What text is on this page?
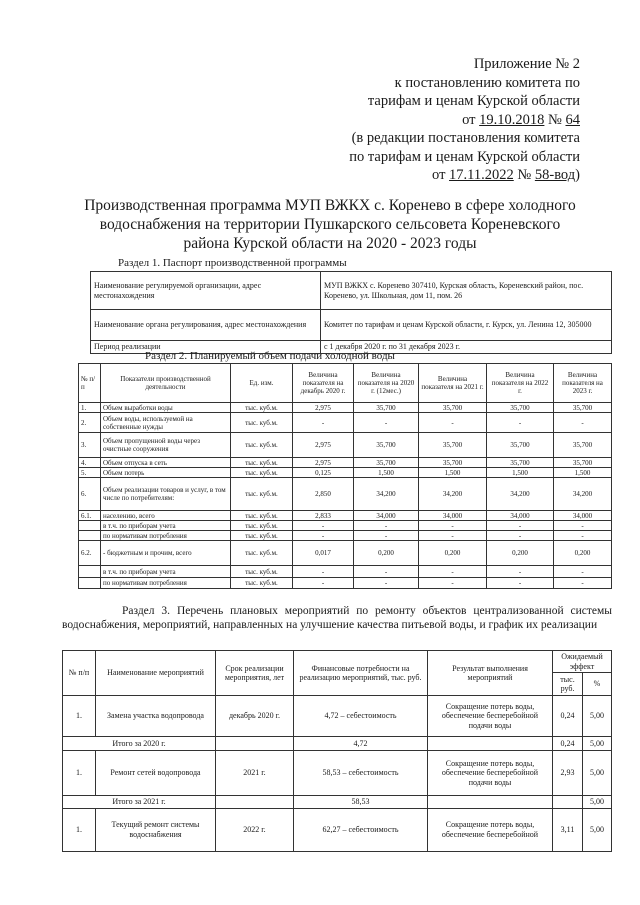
Приложение № 2
к постановлению комитета по
тарифам и ценам Курской области
от 19.10.2018 № 64
(в редакции постановления комитета
по тарифам и ценам Курской области
от 17.11.2022 № 58-вод)
Производственная программа МУП ВЖКХ с. Коренево в сфере холодного
водоснабжения на территории Пушкарского сельсовета Кореневского
района Курской области на 2020 - 2023 годы
Раздел 1. Паспорт производственной программы
Наименование регулируемой организации, адрес местонахождения	МУП ВЖКХ с. Коренево 307410, Курская область, Кореневский район, пос. Коренево, ул. Школьная, дом 11, пом. 26
Наименование органа регулирования, адрес местонахождения	Комитет по тарифам и ценам Курской области, г. Курск, ул. Ленина 12, 305000
Период реализации	с 1 декабря 2020 г. по 31 декабря 2023 г.
Раздел 2. Планируемый объем подачи холодной воды
№ п/п	Показатели производственной деятельности	Ед. изм.	Величина показателя на декабрь 2020 г.	Величина показателя на 2020 г. (12мес.)	Величина показателя на 2021 г.	Величина показателя на 2022 г.	Величина показателя на 2023 г.
1.	Объем выработки воды	тыс. куб.м.	2,975	35,700	35,700	35,700	35,700
2.	Объем воды, используемой на собственные нужды	тыс. куб.м.	-	-	-	-	-
3.	Объем пропущенной воды через очистные сооружения	тыс. куб.м.	2,975	35,700	35,700	35,700	35,700
4.	Объем отпуска в сеть	тыс. куб.м.	2,975	35,700	35,700	35,700	35,700
5.	Объем потерь	тыс. куб.м.	0,125	1,500	1,500	1,500	1,500
6.	Объем реализации товаров и услуг, в том числе по потребителям:	тыс. куб.м.	2,850	34,200	34,200	34,200	34,200
6.1.	населению, всего	тыс. куб.м.	2,833	34,000	34,000	34,000	34,000
	в т.ч. по приборам учета	тыс. куб.м.	-	-	-	-	-
	по нормативам потребления	тыс. куб.м.	-	-	-	-	-
6.2.	- бюджетным и прочим, всего	тыс. куб.м.	0,017	0,200	0,200	0,200	0,200
	в т.ч. по приборам учета	тыс. куб.м.	-	-	-	-	-
	по нормативам потребления	тыс. куб.м.	-	-	-	-	-
Раздел 3. Перечень плановых мероприятий по ремонту объектов централизованной системы водоснабжения, мероприятий, направленных на улучшение качества питьевой воды, и график их реализации
№ п/п	Наименование мероприятий	Срок реализации мероприятия, лет	Финансовые потребности на реализацию мероприятий, тыс. руб.	Результат выполнения мероприятий	Ожидаемый эффект	
					тыс. руб.	%
1.	Замена участка водопровода	декабрь 2020 г.	4,72 – себестоимость	Сокращение потерь воды, обеспечение бесперебойной подачи воды	0,24	5,00
Итого за 2020 г.			4,72		0,24	5,00
1.	Ремонт сетей водопровода	2021 г.	58,53 – себестоимость	Сокращение потерь воды, обеспечение бесперебойной подачи воды	2,93	5,00
Итого за 2021 г.			58,53			5,00
1.	Текущий ремонт системы водоснабжения	2022 г.	62,27 – себестоимость	Сокращение потерь воды, обеспечение бесперебойной	3,11	5,00
